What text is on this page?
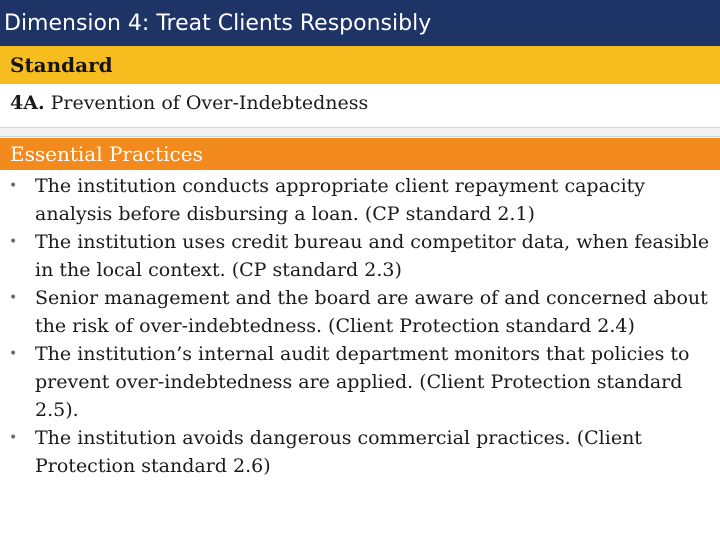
Dimension 4: Treat Clients Responsibly
Standard
4A. Prevention of Over-Indebtedness
Essential Practices
• The institution conducts appropriate client repayment capacity analysis before disbursing a loan. (CP standard 2.1)
• The institution uses credit bureau and competitor data, when feasible in the local context. (CP standard 2.3)
• Senior management and the board are aware of and concerned about the risk of over-indebtedness. (Client Protection standard 2.4)
• The institution’s internal audit department monitors that policies to prevent over-indebtedness are applied. (Client Protection standard 2.5).
• The institution avoids dangerous commercial practices. (Client Protection standard 2.6)
